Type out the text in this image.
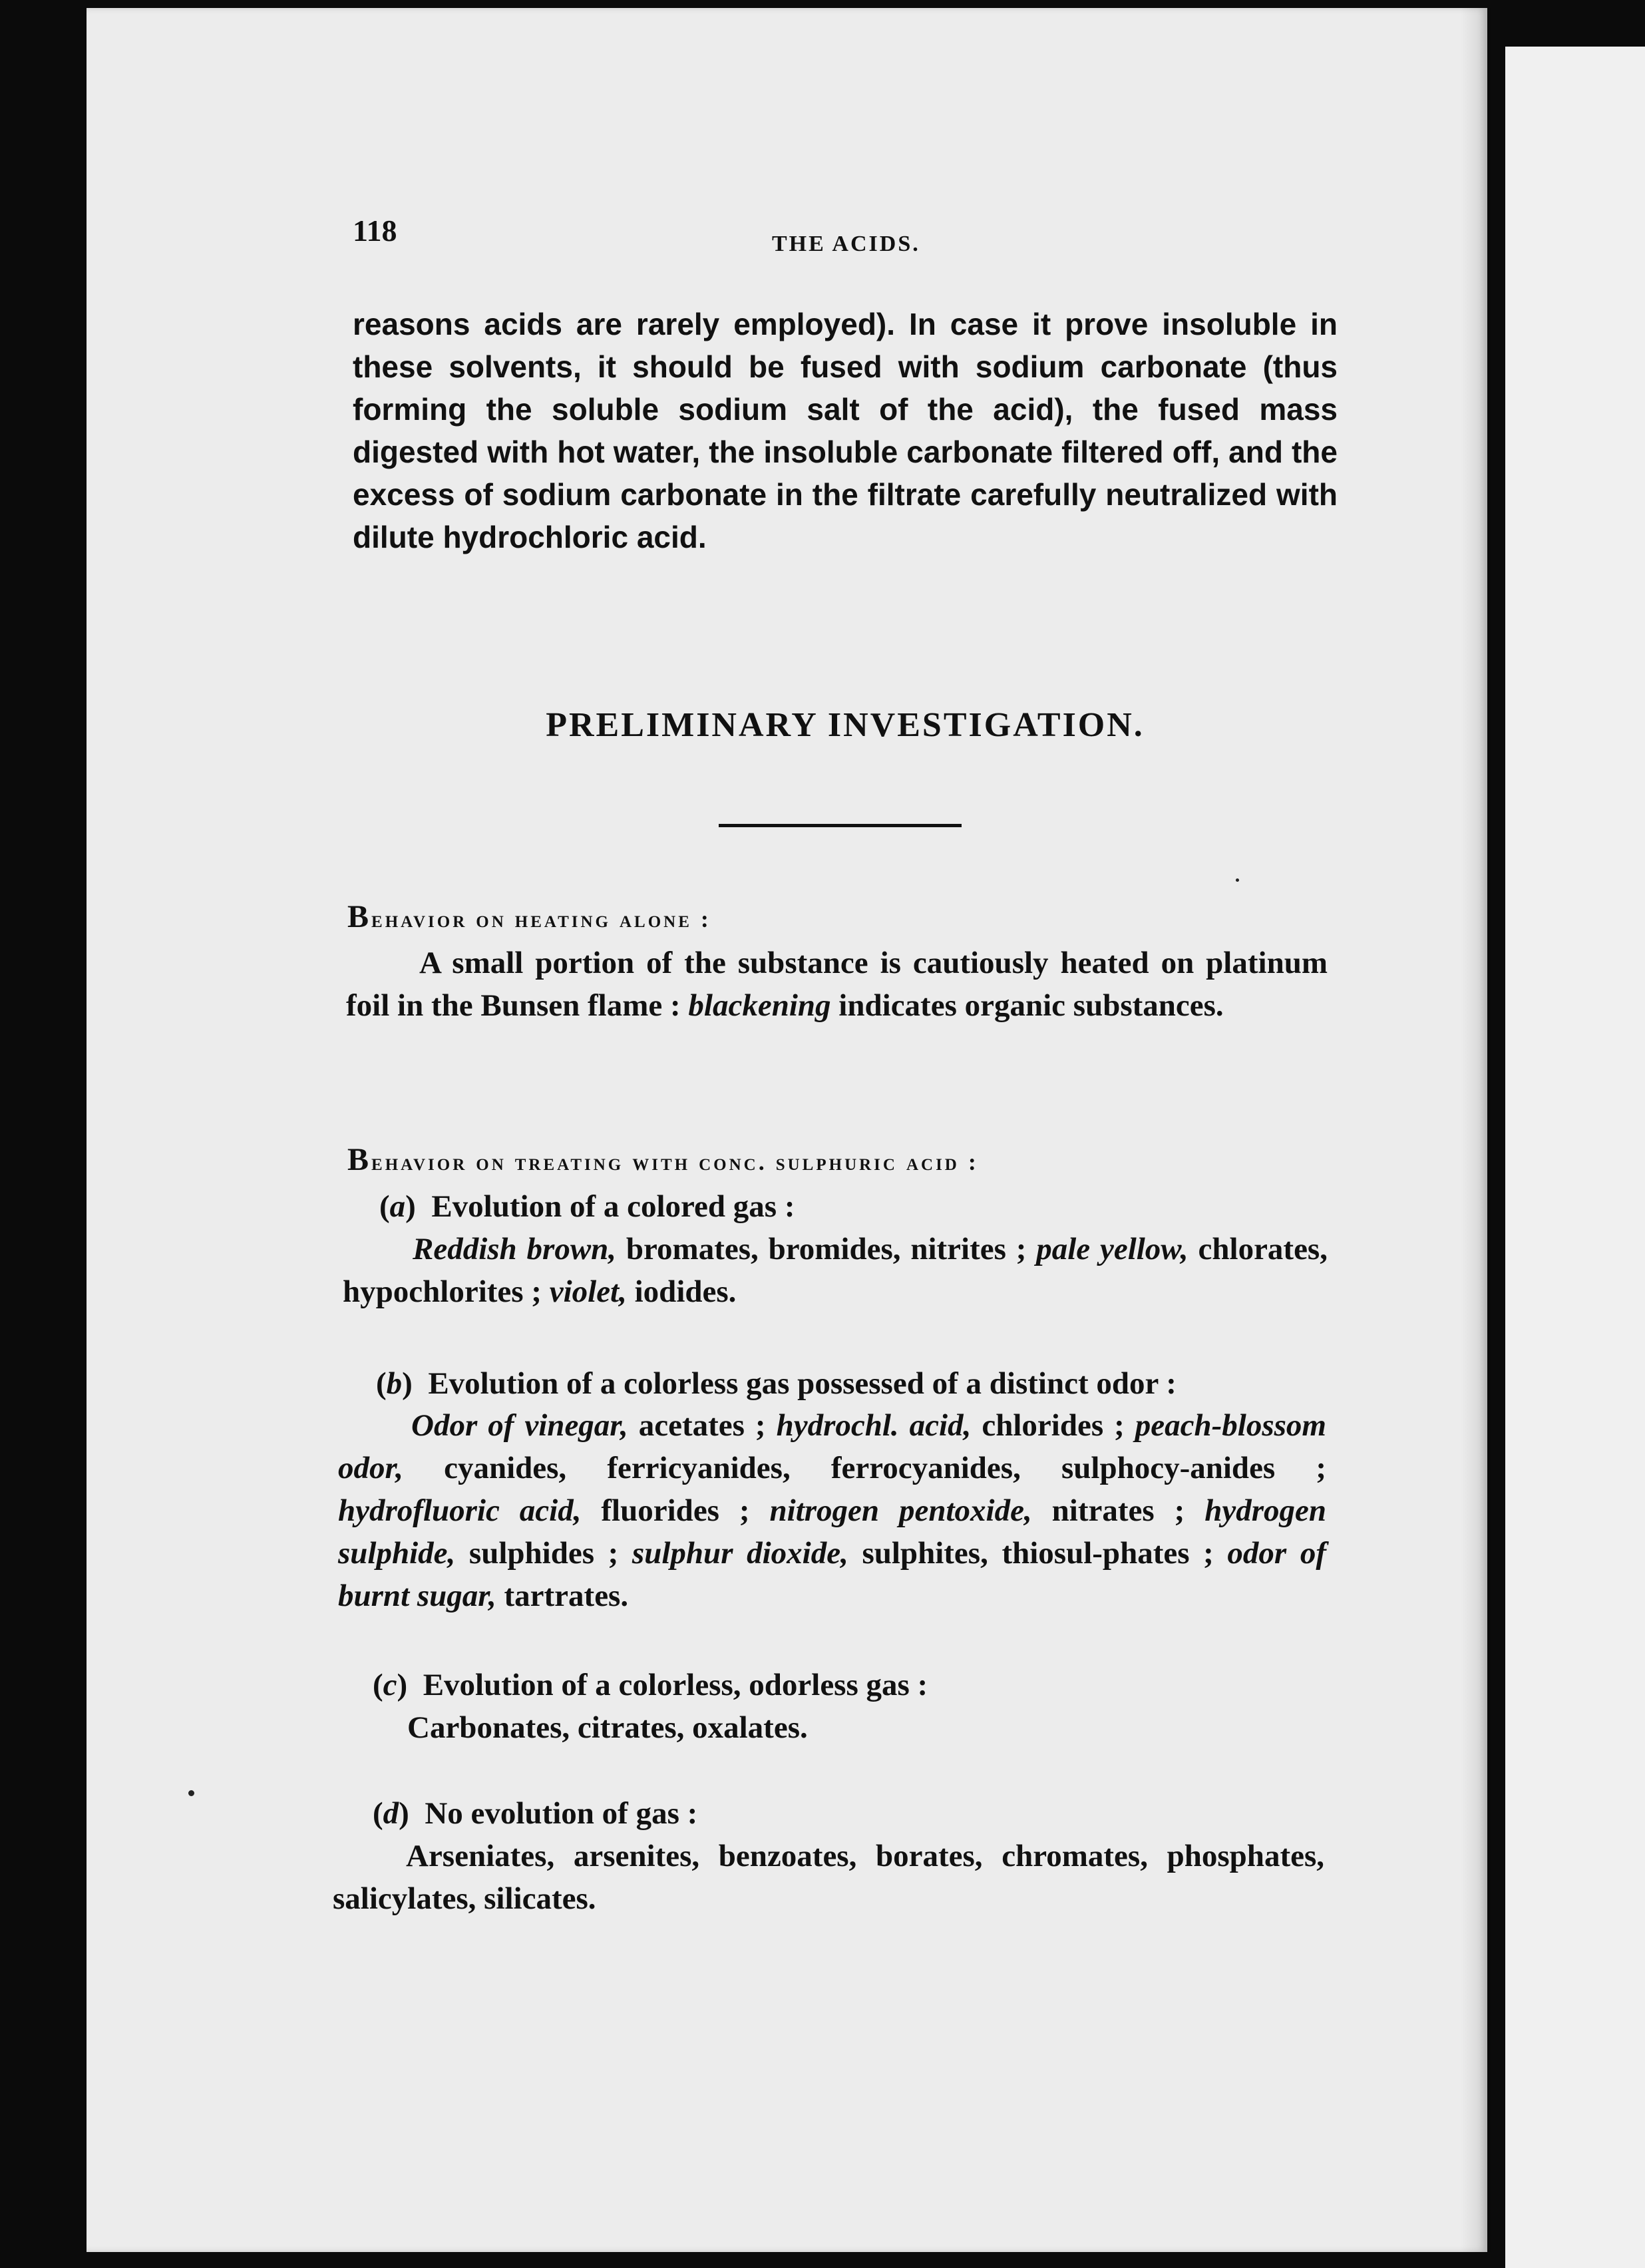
118	THE ACIDS.
reasons acids are rarely employed). In case it prove insoluble in these solvents, it should be fused with sodium carbonate (thus forming the soluble sodium salt of the acid), the fused mass digested with hot water, the insoluble carbonate filtered off, and the excess of sodium carbonate in the filtrate carefully neutralized with dilute hydrochloric acid.
PRELIMINARY INVESTIGATION.
Behavior on heating alone :
A small portion of the substance is cautiously heated on platinum foil in the Bunsen flame : blackening indicates organic substances.
Behavior on treating with conc. sulphuric acid :
(a)  Evolution of a colored gas :
Reddish brown, bromates, bromides, nitrites ; pale yellow, chlorates, hypochlorites ; violet, iodides.
(b)  Evolution of a colorless gas possessed of a distinct odor :
Odor of vinegar, acetates ; hydrochl. acid, chlorides ; peach-blossom odor, cyanides, ferricyanides, ferrocyanides, sulphocy-anides ; hydrofluoric acid, fluorides ; nitrogen pentoxide, nitrates ; hydrogen sulphide, sulphides ; sulphur dioxide, sulphites, thiosul-phates ; odor of burnt sugar, tartrates.
(c)  Evolution of a colorless, odorless gas :
Carbonates, citrates, oxalates.
(d)  No evolution of gas :
Arseniates, arsenites, benzoates, borates, chromates, phosphates, salicylates, silicates.
